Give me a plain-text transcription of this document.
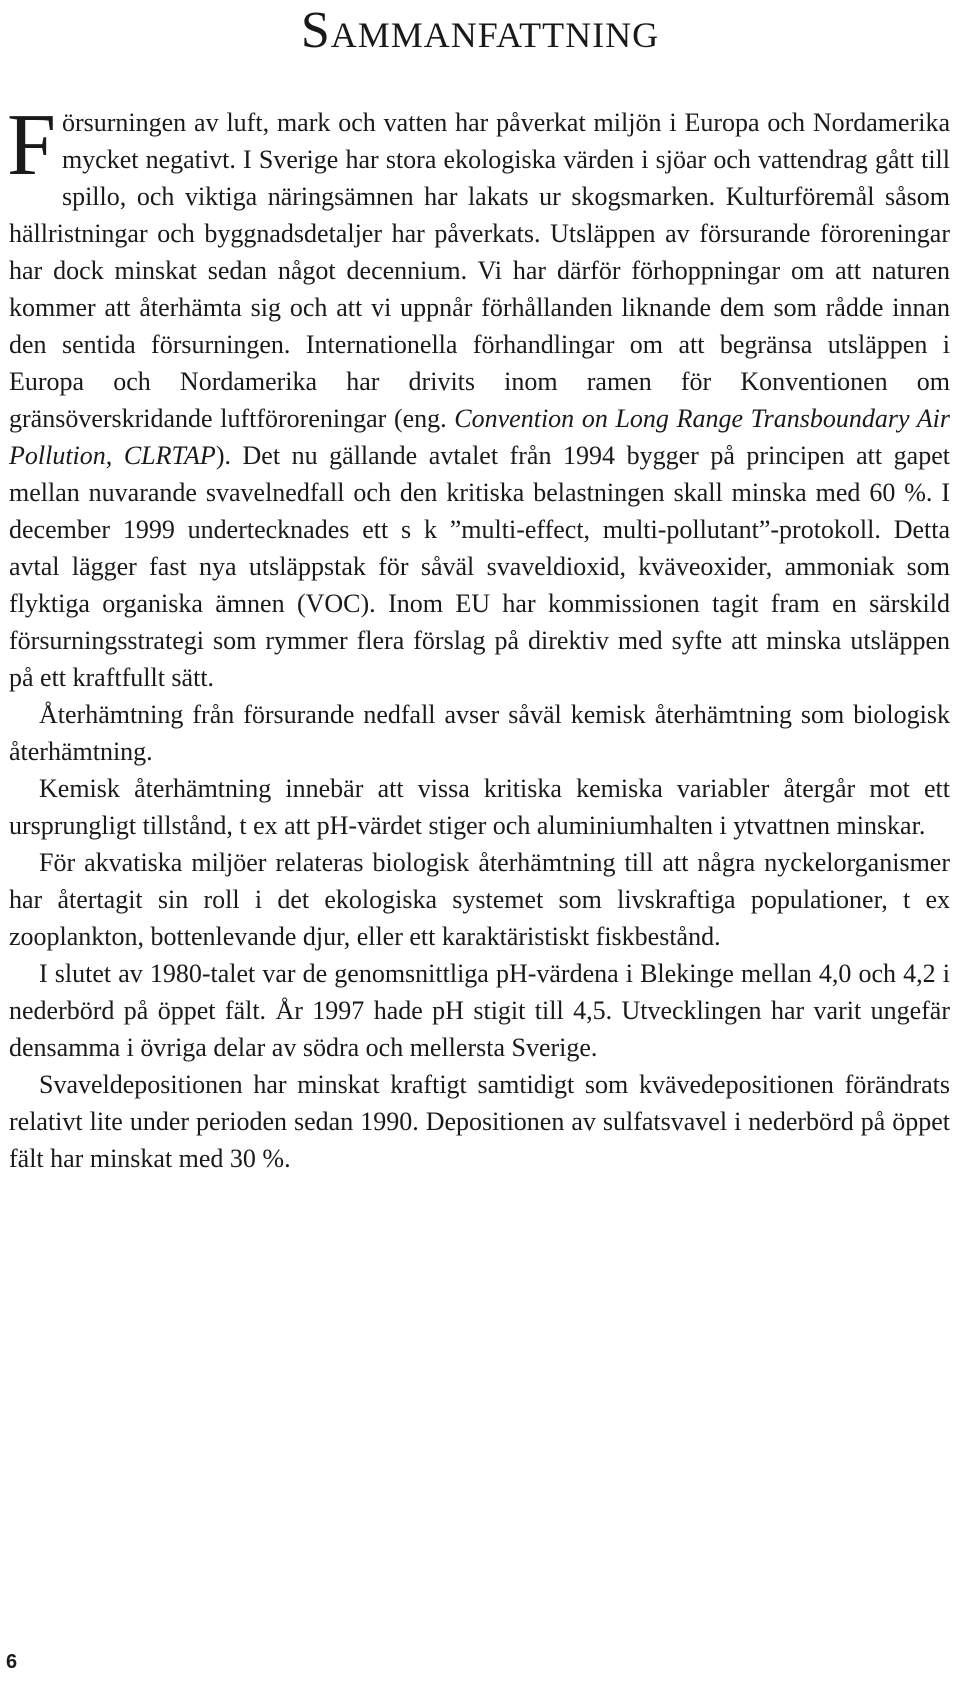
Sammanfattning

Försurningen av luft, mark och vatten har påverkat miljön i Europa och Nordamerika mycket negativt. I Sverige har stora ekologiska värden i sjöar och vattendrag gått till spillo, och viktiga näringsämnen har lakats ur skogsmarken. Kulturföremål såsom hällristningar och byggnadsdetaljer har påverkats. Utsläppen av försurande föroreningar har dock minskat sedan något decennium. Vi har därför förhoppningar om att naturen kommer att återhämta sig och att vi uppnår förhållanden liknande dem som rådde innan den sentida försurningen. Internationella förhandlingar om att begränsa utsläppen i Europa och Nordamerika har drivits inom ramen för Konventionen om gränsöverskridande luftföroreningar (eng. Convention on Long Range Transboundary Air Pollution, CLRTAP). Det nu gällande avtalet från 1994 bygger på principen att gapet mellan nuvarande svavelnedfall och den kritiska belastningen skall minska med 60 %. I december 1999 undertecknades ett s k ”multi-effect, multi-pollutant”-protokoll. Detta avtal lägger fast nya utsläppstak för såväl svaveldioxid, kväveoxider, ammoniak som flyktiga organiska ämnen (VOC). Inom EU har kommissionen tagit fram en särskild försurningsstrategi som rymmer flera förslag på direktiv med syfte att minska utsläppen på ett kraftfullt sätt.

Återhämtning från försurande nedfall avser såväl kemisk återhämtning som biologisk återhämtning.

Kemisk återhämtning innebär att vissa kritiska kemiska variabler återgår mot ett ursprungligt tillstånd, t ex att pH-värdet stiger och aluminiumhalten i ytvattnen minskar.

För akvatiska miljöer relateras biologisk återhämtning till att några nyckelorganismer har återtagit sin roll i det ekologiska systemet som livskraftiga populationer, t ex zooplankton, bottenlevande djur, eller ett karaktäristiskt fiskbestånd.

I slutet av 1980-talet var de genomsnittliga pH-värdena i Blekinge mellan 4,0 och 4,2 i nederbörd på öppet fält. År 1997 hade pH stigit till 4,5. Utvecklingen har varit ungefär densamma i övriga delar av södra och mellersta Sverige.

Svaveldepositionen har minskat kraftigt samtidigt som kvävedepositionen förändrats relativt lite under perioden sedan 1990. Depositionen av sulfatsvavel i nederbörd på öppet fält har minskat med 30 %.

6
